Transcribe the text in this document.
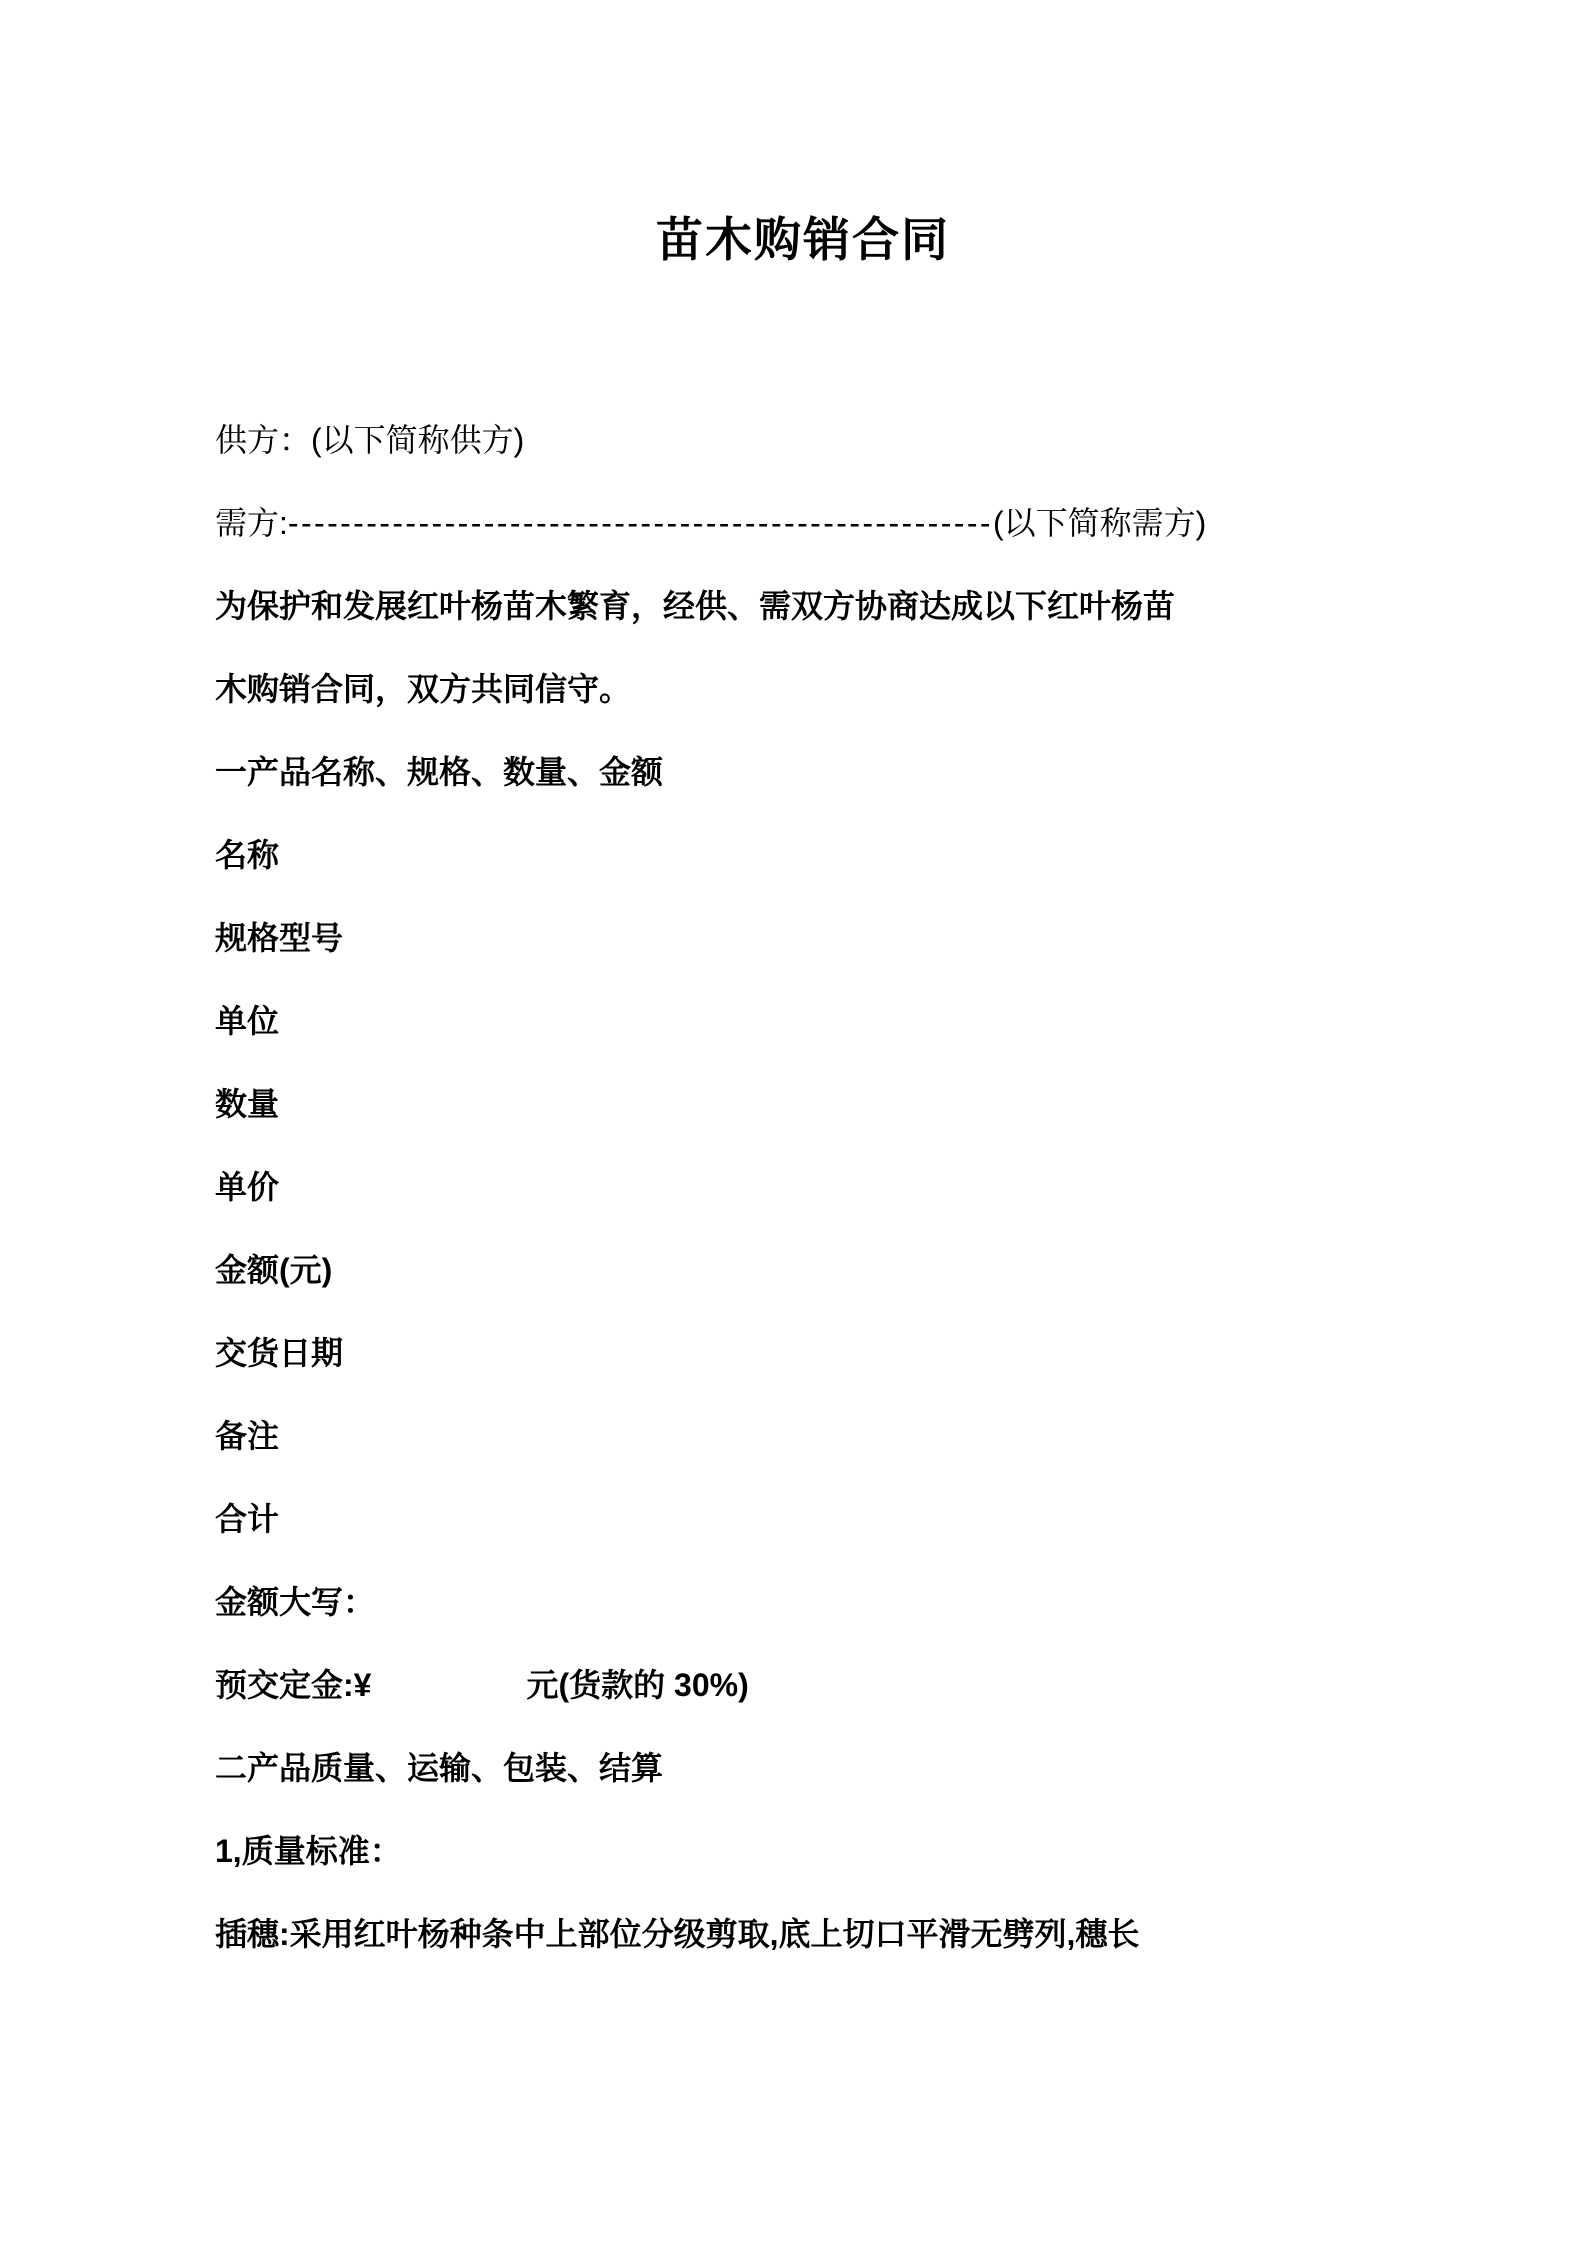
苗木购销合同

供方：(以下简称供方)

需方:------------------------------------------------------(以下简称需方)

为保护和发展红叶杨苗木繁育，经供、需双方协商达成以下红叶杨苗

木购销合同，双方共同信守。

一产品名称、规格、数量、金额

名称

规格型号

单位

数量

单价

金额(元)

交货日期

备注

合计

金额大写：

预交定金:¥	元(货款的 30%)

二产品质量、运输、包装、结算

1,质量标准：

插穗:采用红叶杨种条中上部位分级剪取,底上切口平滑无劈列,穗长
